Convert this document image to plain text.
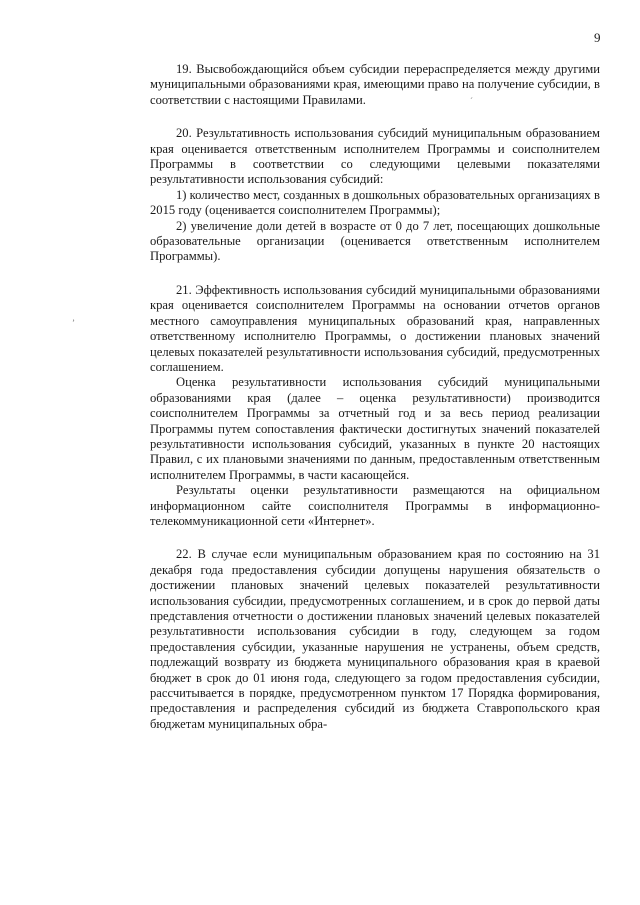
9
’
´

19. Высвобождающийся объем субсидии перераспределяется между другими муниципальными образованиями края, имеющими право на получение субсидии, в соответствии с настоящими Правилами.

20. Результативность использования субсидий муниципальным образованием края оценивается ответственным исполнителем Программы и соисполнителем Программы в соответствии со следующими целевыми показателями результативности использования субсидий:

1) количество мест, созданных в дошкольных образовательных организациях в 2015 году (оценивается соисполнителем Программы);

2) увеличение доли детей в возрасте от 0 до 7 лет, посещающих дошкольные образовательные организации (оценивается ответственным исполнителем Программы).

21. Эффективность использования субсидий муниципальными образованиями края оценивается соисполнителем Программы на основании отчетов органов местного самоуправления муниципальных образований края, направленных ответственному исполнителю Программы, о достижении плановых значений целевых показателей результативности использования субсидий, предусмотренных соглашением.

Оценка результативности использования субсидий муниципальными образованиями края (далее – оценка результативности) производится соисполнителем Программы за отчетный год и за весь период реализации Программы путем сопоставления фактически достигнутых значений показателей результативности использования субсидий, указанных в пункте 20 настоящих Правил, с их плановыми значениями по данным, предоставленным ответственным исполнителем Программы, в части касающейся.

Результаты оценки результативности размещаются на официальном информационном сайте соисполнителя Программы в информационно-телекоммуникационной сети «Интернет».

22. В случае если муниципальным образованием края по состоянию на 31 декабря года предоставления субсидии допущены нарушения обязательств о достижении плановых значений целевых показателей результативности использования субсидии, предусмотренных соглашением, и в срок до первой даты представления отчетности о достижении плановых значений целевых показателей результативности использования субсидии в году, следующем за годом предоставления субсидии, указанные нарушения не устранены, объем средств, подлежащий возврату из бюджета муниципального образования края в краевой бюджет в срок до 01 июня года, следующего за годом предоставления субсидии, рассчитывается в порядке, предусмотренном пунктом 17 Порядка формирования, предоставления и распределения субсидий из бюджета Ставропольского края бюджетам муниципальных обра-
